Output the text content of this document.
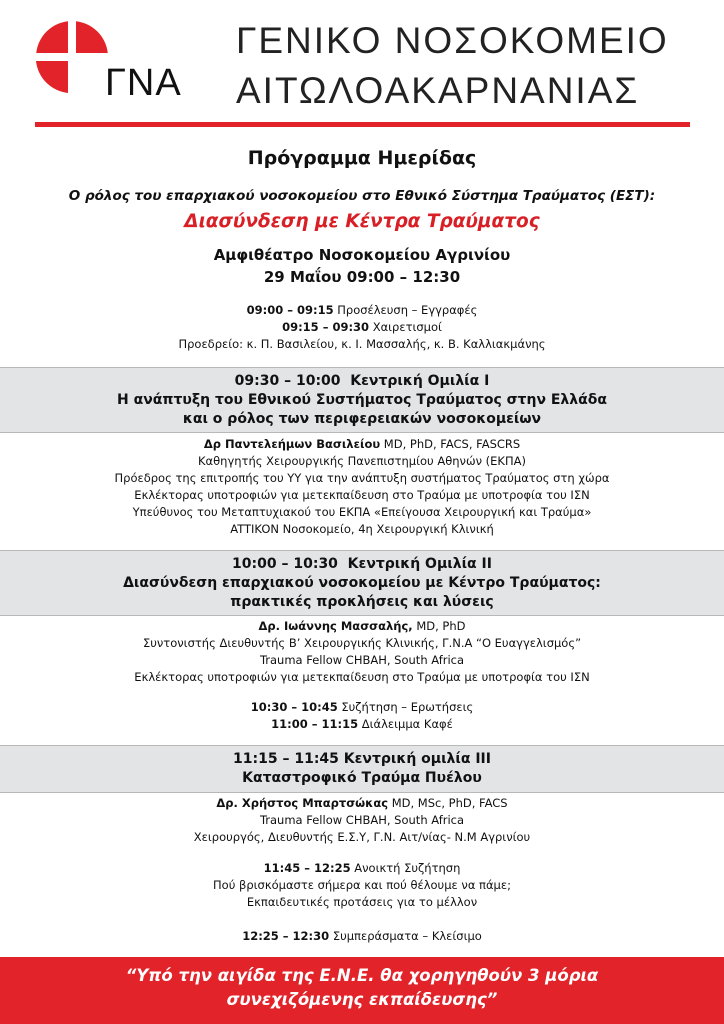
ΓΝΑ
ΓΕΝΙΚΟ ΝΟΣΟΚΟΜΕΙΟ
ΑΙΤΩΛΟΑΚΑΡΝΑΝΙΑΣ
Πρόγραμμα Ημερίδας
Ο ρόλος του επαρχιακού νοσοκομείου στο Εθνικό Σύστημα Τραύματος (ΕΣΤ):
Διασύνδεση με Κέντρα Τραύματος
Αμφιθέατρο Νοσοκομείου Αγρινίου
29 Μαΐου 09:00 – 12:30
09:00 – 09:15 Προσέλευση – Εγγραφές
09:15 – 09:30 Χαιρετισμοί
Προεδρείο: κ. Π. Βασιλείου, κ. Ι. Μασσαλής, κ. Β. Καλλιακμάνης
09:30 – 10:00 Κεντρική Ομιλία Ι
Η ανάπτυξη του Εθνικού Συστήματος Τραύματος στην Ελλάδα
και ο ρόλος των περιφερειακών νοσοκομείων
Δρ Παντελεήμων Βασιλείου MD, PhD, FACS, FASCRS
Καθηγητής Χειρουργικής Πανεπιστημίου Αθηνών (ΕΚΠΑ)
Πρόεδρος της επιτροπής του ΥΥ για την ανάπτυξη συστήματος Τραύματος στη χώρα
Εκλέκτορας υποτροφιών για μετεκπαίδευση στο Τραύμα με υποτροφία του ΙΣΝ
Υπεύθυνος του Μεταπτυχιακού του ΕΚΠΑ «Επείγουσα Χειρουργική και Τραύμα»
ATTIKON Νοσοκομείο, 4η Χειρουργική Κλινική
10:00 – 10:30 Κεντρική Ομιλία ΙΙ
Διασύνδεση επαρχιακού νοσοκομείου με Κέντρο Τραύματος:
πρακτικές προκλήσεις και λύσεις
Δρ. Ιωάννης Μασσαλής, MD, PhD
Συντονιστής Διευθυντής Β’ Χειρουργικής Κλινικής, Γ.Ν.Α “Ο Ευαγγελισμός”
Trauma Fellow CHBAH, South Africa
Εκλέκτορας υποτροφιών για μετεκπαίδευση στο Τραύμα με υποτροφία του ΙΣΝ
10:30 – 10:45 Συζήτηση – Ερωτήσεις
11:00 – 11:15 Διάλειμμα Καφέ
11:15 – 11:45 Κεντρική ομιλία ΙΙΙ
Καταστροφικό Τραύμα Πυέλου
Δρ. Χρήστος Μπαρτσώκας MD, MSc, PhD, FACS
Trauma Fellow CHBAH, South Africa
Χειρουργός, Διευθυντής Ε.Σ.Υ, Γ.Ν. Αιτ/νίας- Ν.Μ Αγρινίου
11:45 – 12:25 Ανοικτή Συζήτηση
Πού βρισκόμαστε σήμερα και πού θέλουμε να πάμε;
Εκπαιδευτικές προτάσεις για το μέλλον
12:25 – 12:30 Συμπεράσματα – Κλείσιμο
“Υπό την αιγίδα της Ε.Ν.Ε. θα χορηγηθούν 3 μόρια
συνεχιζόμενης εκπαίδευσης”
